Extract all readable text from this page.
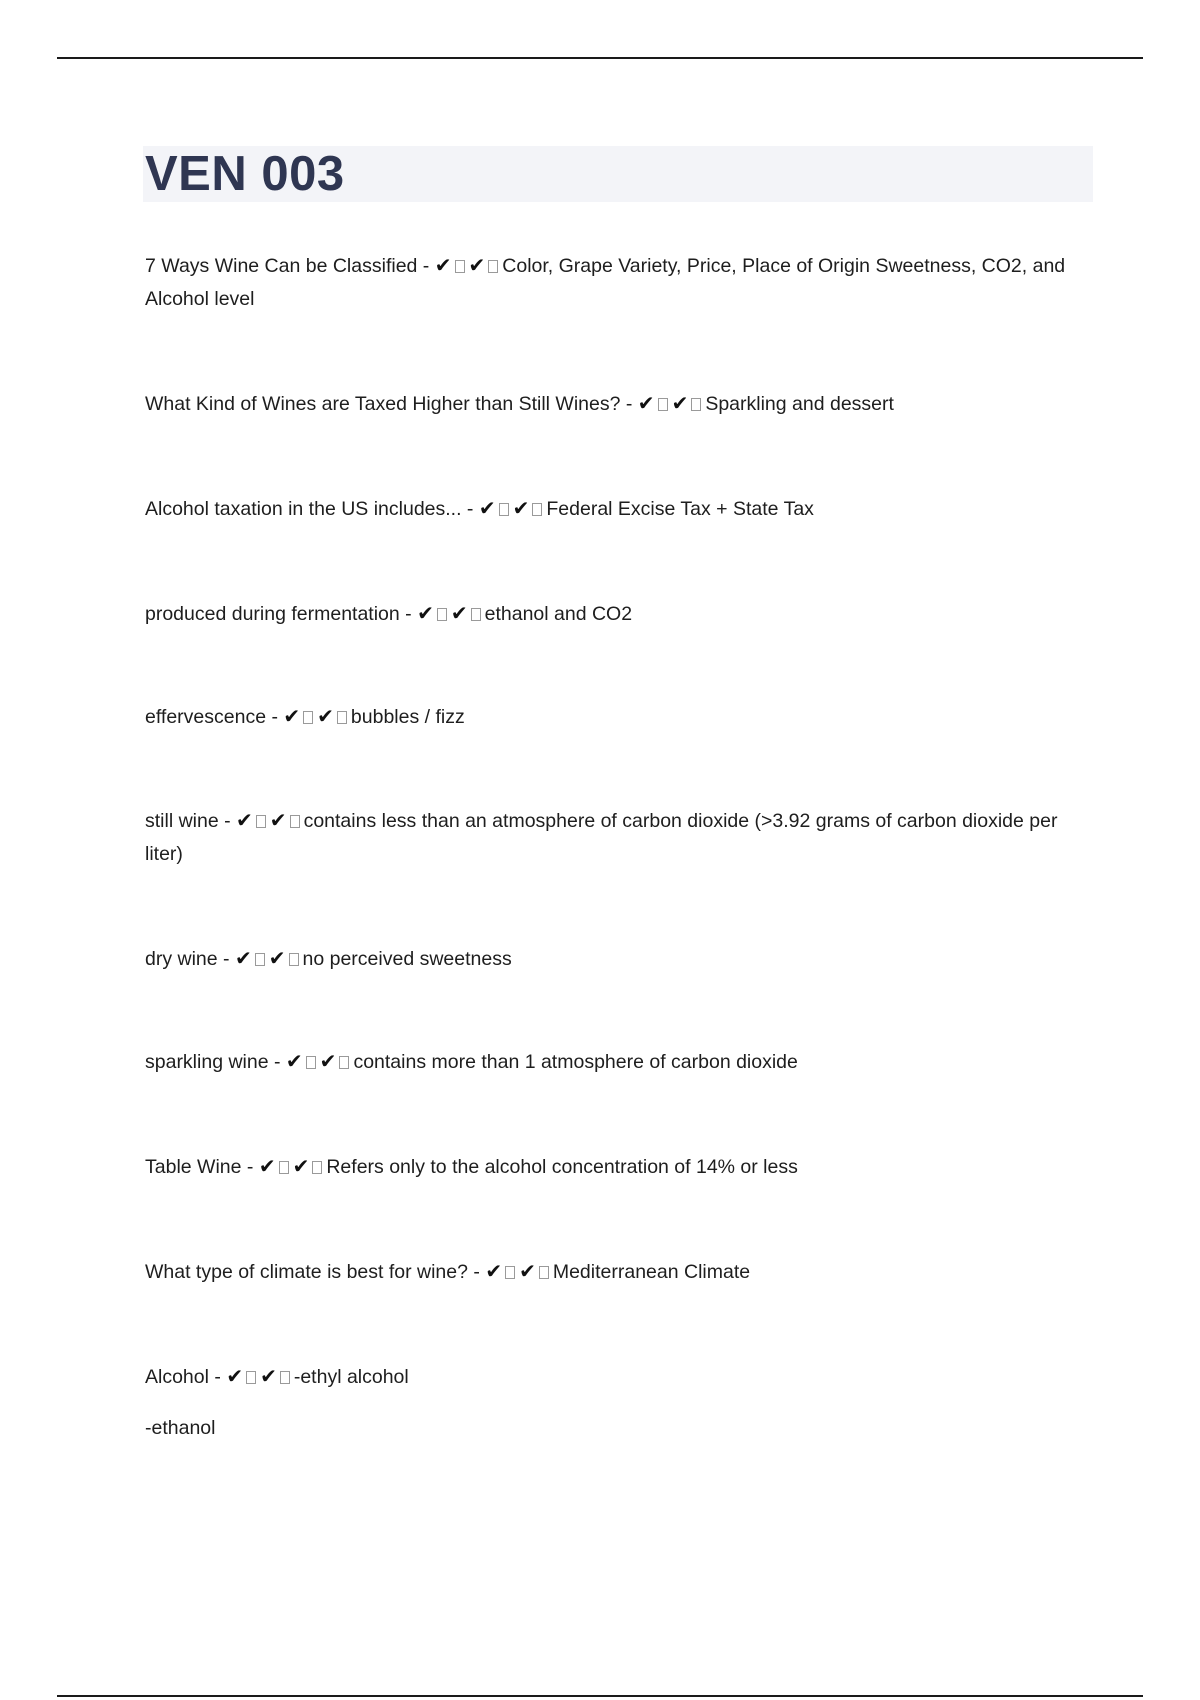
VEN 003

7 Ways Wine Can be Classified - ✔ ✔ Color, Grape Variety, Price, Place of Origin Sweetness, CO2, and Alcohol level

What Kind of Wines are Taxed Higher than Still Wines? - ✔ ✔ Sparkling and dessert

Alcohol taxation in the US includes... - ✔ ✔ Federal Excise Tax + State Tax

produced during fermentation - ✔ ✔ ethanol and CO2

effervescence - ✔ ✔ bubbles / fizz

still wine - ✔ ✔ contains less than an atmosphere of carbon dioxide (>3.92 grams of carbon dioxide per liter)

dry wine - ✔ ✔ no perceived sweetness

sparkling wine - ✔ ✔ contains more than 1 atmosphere of carbon dioxide

Table Wine - ✔ ✔ Refers only to the alcohol concentration of 14% or less

What type of climate is best for wine? - ✔ ✔ Mediterranean Climate

Alcohol - ✔ ✔ -ethyl alcohol

-ethanol
